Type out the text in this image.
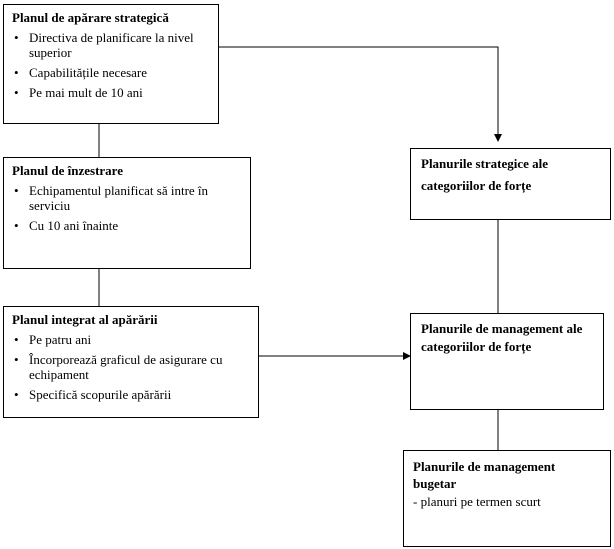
Planul de apărare strategică
• Directiva de planificare la nivel superior
• Capabilitățile necesare
• Pe mai mult de 10 ani
Planul de înzestrare
• Echipamentul planificat să intre în serviciu
• Cu 10 ani înainte
Planul integrat al apărării
• Pe patru ani
• Încorporează graficul de asigurare cu echipament
• Specifică scopurile apărării
Planurile strategice ale categoriilor de forțe
Planurile de management ale categoriilor de forțe
Planurile de management bugetar

- planuri pe termen scurt
